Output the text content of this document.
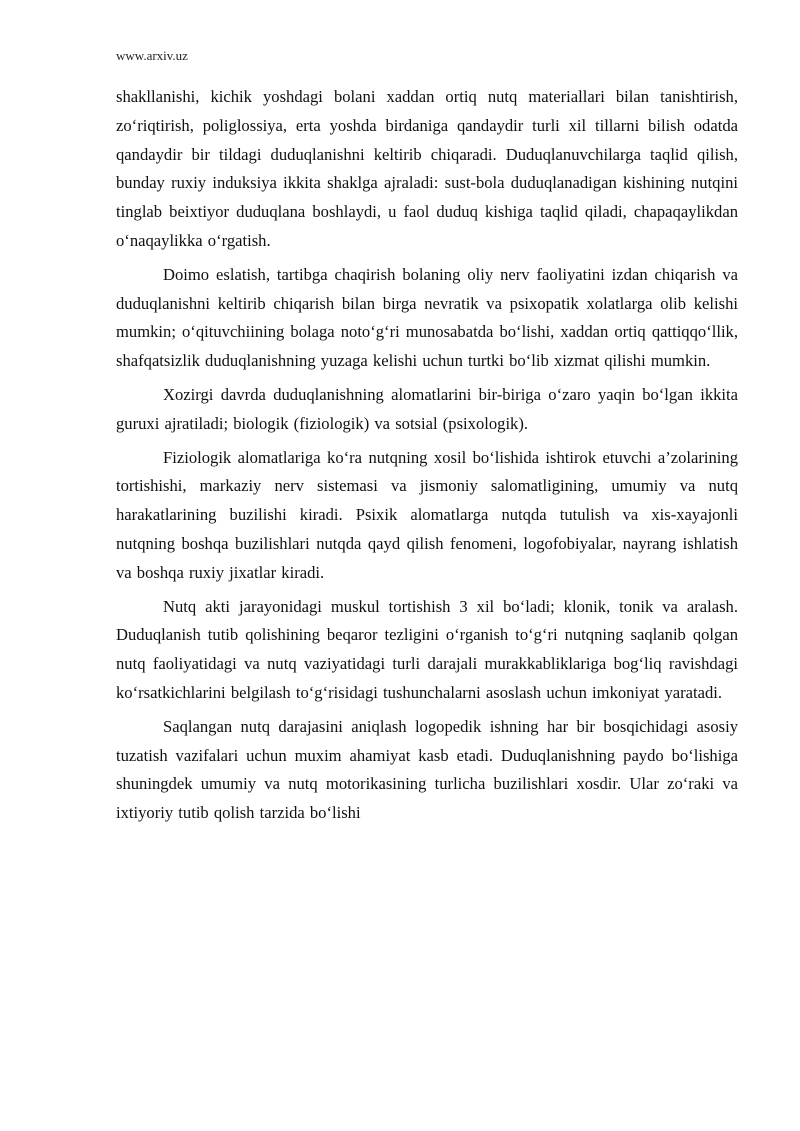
www.arxiv.uz

shakllanishi, kichik yoshdagi bolani xaddan ortiq nutq materiallari bilan tanishtirish, zo‘riqtirish, poliglossiya, erta yoshda birdaniga qandaydir turli xil tillarni bilish odatda qandaydir bir tildagi duduqlanishni keltirib chiqaradi. Duduqlanuvchilarga taqlid qilish, bunday ruxiy induksiya ikkita shaklga ajraladi: sust-bola duduqlanadigan kishining nutqini tinglab beixtiyor duduqlana boshlaydi, u faol duduq kishiga taqlid qiladi, chapaqaylikdan o‘naqaylikka o‘rgatish.

Doimo eslatish, tartibga chaqirish bolaning oliy nerv faoliyatini izdan chiqarish va duduqlanishni keltirib chiqarish bilan birga nevratik va psixopatik xolatlarga olib kelishi mumkin; o‘qituvchiining bolaga noto‘g‘ri munosabatda bo‘lishi, xaddan ortiq qattiqqo‘llik, shafqatsizlik duduqlanishning yuzaga kelishi uchun turtki bo‘lib xizmat qilishi mumkin.

Xozirgi davrda duduqlanishning alomatlarini bir-biriga o‘zaro yaqin bo‘lgan ikkita guruxi ajratiladi; biologik (fiziologik) va sotsial (psixologik).

Fiziologik alomatlariga ko‘ra nutqning xosil bo‘lishida ishtirok etuvchi a’zolarining tortishishi, markaziy nerv sistemasi va jismoniy salomatligining, umumiy va nutq harakatlarining buzilishi kiradi. Psixik alomatlarga nutqda tutulish va xis-xayajonli nutqning boshqa buzilishlari nutqda qayd qilish fenomeni, logofobiyalar, nayrang ishlatish va boshqa ruxiy jixatlar kiradi.

Nutq akti jarayonidagi muskul tortishish 3 xil bo‘ladi; klonik, tonik va aralash. Duduqlanish tutib qolishining beqaror tezligini o‘rganish to‘g‘ri nutqning saqlanib qolgan nutq faoliyatidagi va nutq vaziyatidagi turli darajali murakkabliklariga bog‘liq ravishdagi ko‘rsatkichlarini belgilash to‘g‘risidagi tushunchalarni asoslash uchun imkoniyat yaratadi.

Saqlangan nutq darajasini aniqlash logopedik ishning har bir bosqichidagi asosiy tuzatish vazifalari uchun muxim ahamiyat kasb etadi. Duduqlanishning paydo bo‘lishiga shuningdek umumiy va nutq motorikasining turlicha buzilishlari xosdir. Ular zo‘raki va ixtiyoriy tutib qolish tarzida bo‘lishi
